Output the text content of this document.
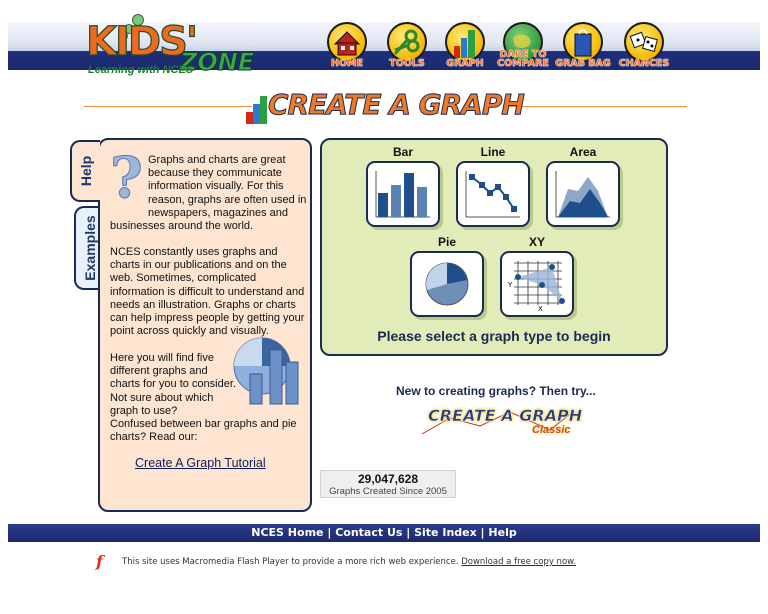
KIDS'
ZONE
Learning with NCES
HOME	TOOLS	GRAPH
DARE TO COMPARE GRAB BAG CHANCES
CREATE A GRAPH
Examples
Help ? Graphs and charts are great because they communicate information visually. For this reason, graphs are often used in newspapers, magazines and
businesses around the world.
NCES constantly uses graphs and charts in our publications and on the web. Sometimes, complicated information is difficult to understand and needs an illustration. Graphs or charts can help impress people by getting your point across quickly and visually.
Here you will find five different graphs and charts for you to consider. Not sure about which graph to use?
Confused between bar graphs and pie charts? Read our:
Create A Graph Tutorial
Bar	Line	Area
Pie	XY
Y
X
Please select a graph type to begin
New to creating graphs? Then try...
CREATE A GRAPH
Classic
29,047,628
Graphs Created Since 2005
NCES Home | Contact Us | Site Index | Help
f This site uses Macromedia Flash Player to provide a more rich web experience. Download a free copy now.
